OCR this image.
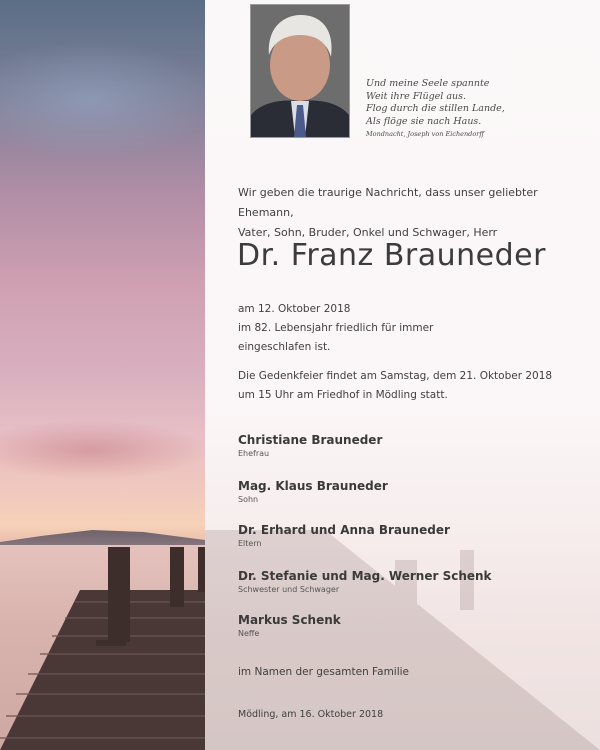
Und meine Seele spannte
Weit ihre Flügel aus.
Flog durch die stillen Lande,
Als flöge sie nach Haus.
Mondnacht, Joseph von Eichendorff
Wir geben die traurige Nachricht, dass unser geliebter Ehemann,
Vater, Sohn, Bruder, Onkel und Schwager, Herr
Dr. Franz Brauneder
am 12. Oktober 2018
im 82. Lebensjahr friedlich für immer
eingeschlafen ist.
Die Gedenkfeier findet am Samstag, dem 21. Oktober 2018
um 15 Uhr am Friedhof in Mödling statt.
Christiane Brauneder
Ehefrau
Mag. Klaus Brauneder
Sohn
Dr. Erhard und Anna Brauneder
Eltern
Dr. Stefanie und Mag. Werner Schenk
Schwester und Schwager
Markus Schenk
Neffe
im Namen der gesamten Familie
Mödling, am 16. Oktober 2018
